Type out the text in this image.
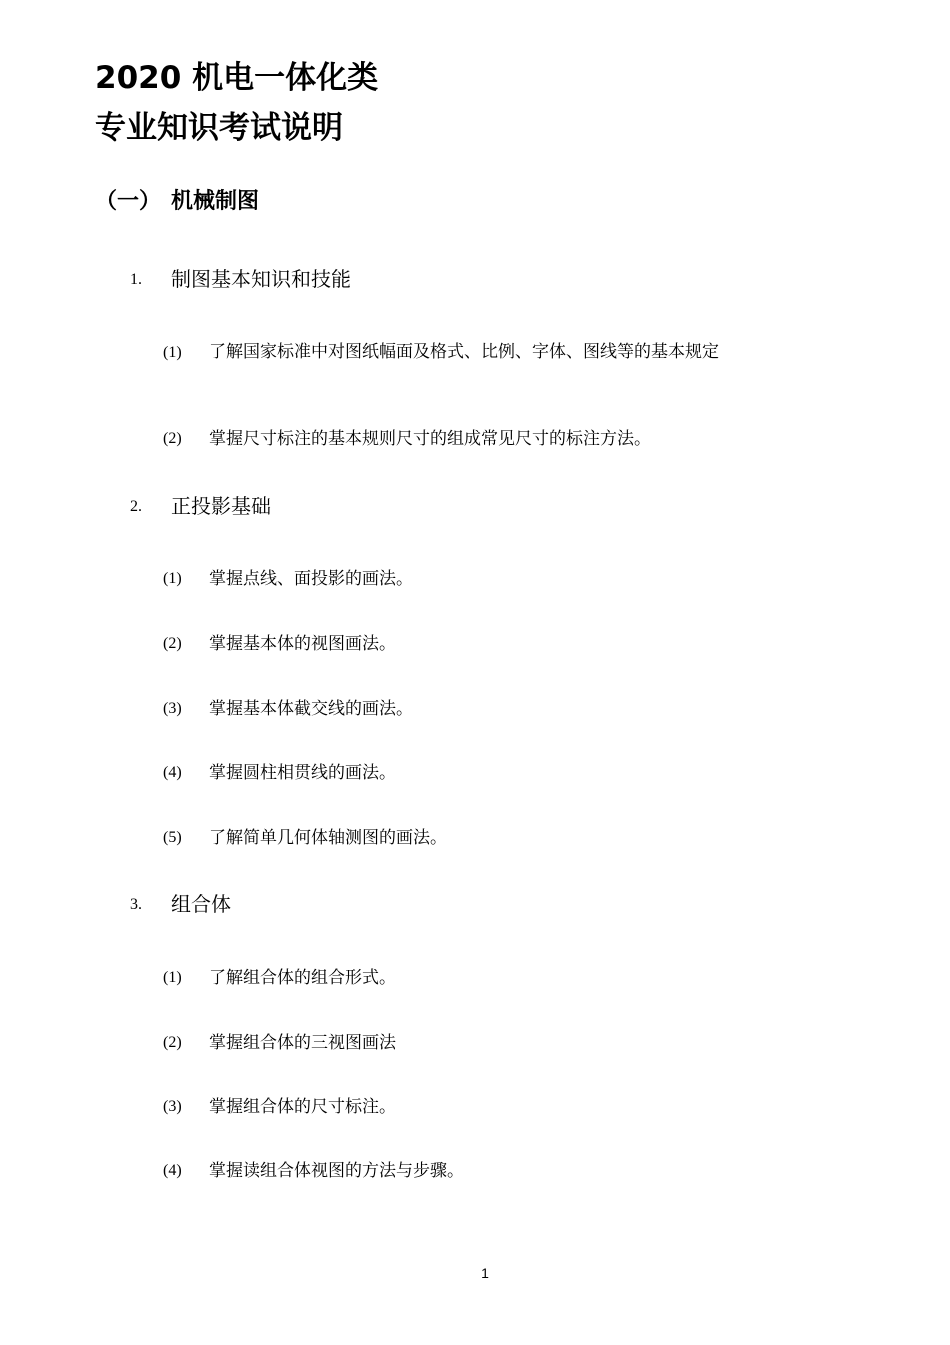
2020 机电一体化类
专业知识考试说明
（一） 机械制图
1. 制图基本知识和技能
(1) 了解国家标准中对图纸幅面及格式、比例、字体、图线等的基本规定
(2) 掌握尺寸标注的基本规则尺寸的组成常见尺寸的标注方法。
2. 正投影基础
(1) 掌握点线、面投影的画法。
(2) 掌握基本体的视图画法。
(3) 掌握基本体截交线的画法。
(4) 掌握圆柱相贯线的画法。
(5) 了解简单几何体轴测图的画法。
3. 组合体
(1) 了解组合体的组合形式。
(2) 掌握组合体的三视图画法
(3) 掌握组合体的尺寸标注。
(4) 掌握读组合体视图的方法与步骤。
1
